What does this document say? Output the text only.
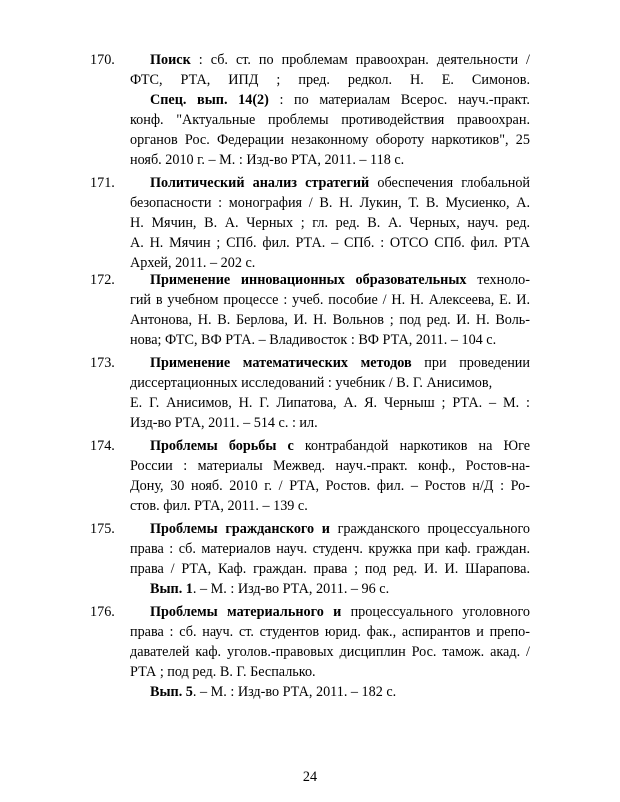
170. Поиск : сб. ст. по проблемам правоохран. деятельности /
ФТС, РТА, ИПД ; пред. редкол. Н. Е. Симонов.
Спец. вып. 14(2) : по материалам Всерос. науч.-практ.
конф. "Актуальные проблемы противодействия правоохран.
органов Рос. Федерации незаконному обороту наркотиков", 25
нояб. 2010 г. – М. : Изд-во РТА, 2011. – 118 с.
171. Политический анализ стратегий обеспечения глобальной
безопасности : монография / В. Н. Лукин, Т. В. Мусиенко, А.
Н. Мячин, В. А. Черных ; гл. ред. В. А. Черных, науч. ред.
А. Н. Мячин ; СПб. фил. РТА. – СПб. : ОТСО СПб. фил. РТА
Архей, 2011. – 202 с.
172. Применение инновационных образовательных техноло-
гий в учебном процессе : учеб. пособие / Н. Н. Алексеева, Е. И.
Антонова, Н. В. Берлова, И. Н. Вольнов ; под ред. И. Н. Воль-
нова; ФТС, ВФ РТА. – Владивосток : ВФ РТА, 2011. – 104 с.
173. Применение математических методов при проведении
диссертационных исследований : учебник / В. Г. Анисимов,
Е. Г. Анисимов, Н. Г. Липатова, А. Я. Черныш ; РТА. – М. :
Изд-во РТА, 2011. – 514 с. : ил.
174. Проблемы борьбы с контрабандой наркотиков на Юге
России : материалы Межвед. науч.-практ. конф., Ростов-на-
Дону, 30 нояб. 2010 г. / РТА, Ростов. фил. – Ростов н/Д : Ро-
стов. фил. РТА, 2011. – 139 с.
175. Проблемы гражданского и гражданского процессуального
права : сб. материалов науч. студенч. кружка при каф. граждан.
права / РТА, Каф. граждан. права ; под ред. И. И. Шарапова.
Вып. 1. – М. : Изд-во РТА, 2011. – 96 с.
176. Проблемы материального и процессуального уголовного
права : сб. науч. ст. студентов юрид. фак., аспирантов и препо-
давателей каф. уголов.-правовых дисциплин Рос. тамож. акад. /
РТА ; под ред. В. Г. Беспалько.
Вып. 5. – М. : Изд-во РТА, 2011. – 182 с.
24
